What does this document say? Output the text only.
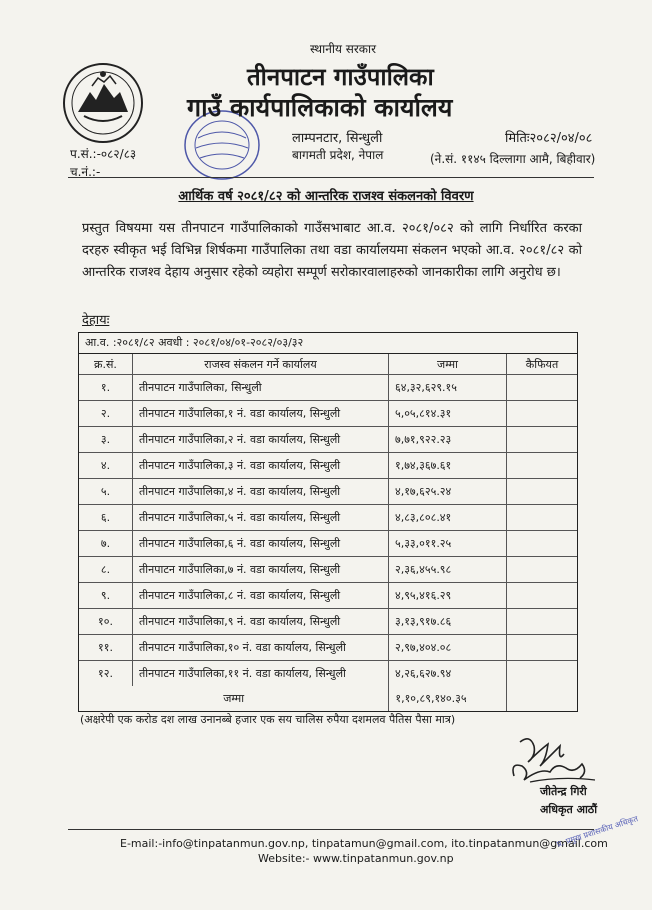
स्थानीय सरकार
तीनपाटन गाउँपालिका
गाउँ कार्यपालिकाको कार्यालय
लाम्पनटार, सिन्धुली
बागमती प्रदेश, नेपाल
मितिः२०८२/०४/०८
(ने.सं. ११४५ दिल्लागा आमै, बिहीवार)
प.सं.:-०८२/८३
च.नं.:-
आर्थिक वर्ष २०८१/८२ को आन्तरिक राजश्व संकलनको विवरण
प्रस्तुत विषयमा यस तीनपाटन गाउँपालिकाको गाउँसभाबाट आ.व. २०८१/०८२ को लागि निर्धारित करका दरहरु स्वीकृत भई विभिन्न शिर्षकमा गाउँपालिका तथा वडा कार्यालयमा संकलन भएको आ.व. २०८१/८२ को आन्तरिक राजश्व देहाय अनुसार रहेको व्यहोरा सम्पूर्ण सरोकारवालाहरुको जानकारीका लागि अनुरोध छ।
देहायः
आ.व. :२०८१/८२ अवधी : २०८१/०४/०१-२०८२/०३/३२
क्र.सं.	राजस्व संकलन गर्ने कार्यालय	जम्मा	कैफियत
१.	तीनपाटन गाउँपालिका, सिन्धुली	६४,३२,६२९.१५
२.	तीनपाटन गाउँपालिका,१ नं. वडा कार्यालय, सिन्धुली	५,०५,८१४.३१
३.	तीनपाटन गाउँपालिका,२ नं. वडा कार्यालय, सिन्धुली	७,७१,९२२.२३
४.	तीनपाटन गाउँपालिका,३ नं. वडा कार्यालय, सिन्धुली	१,७४,३६७.६१
५.	तीनपाटन गाउँपालिका,४ नं. वडा कार्यालय, सिन्धुली	४,१७,६२५.२४
६.	तीनपाटन गाउँपालिका,५ नं. वडा कार्यालय, सिन्धुली	४,८३,८०८.४१
७.	तीनपाटन गाउँपालिका,६ नं. वडा कार्यालय, सिन्धुली	५,३३,०११.२५
८.	तीनपाटन गाउँपालिका,७ नं. वडा कार्यालय, सिन्धुली	२,३६,४५५.९८
९.	तीनपाटन गाउँपालिका,८ नं. वडा कार्यालय, सिन्धुली	४,९५,४१६.२९
१०.	तीनपाटन गाउँपालिका,९ नं. वडा कार्यालय, सिन्धुली	३,१३,९१७.८६
११.	तीनपाटन गाउँपालिका,१० नं. वडा कार्यालय, सिन्धुली	२,९७,४०४.०८
१२.	तीनपाटन गाउँपालिका,११ नं. वडा कार्यालय, सिन्धुली	४,२६,६२७.९४
जम्मा	१,१०,८९,१४०.३५
(अक्षरेपी एक करोड दश लाख उनानब्बे हजार एक सय चालिस रुपैया दशमलव पैतिस पैसा मात्र)
जीतेन्द्र गिरी
अधिकृत आठौं
E-mail:-info@tinpatanmun.gov.np, tinpatamun@gmail.com, ito.tinpatanmun@gmail.com
Website:- www.tinpatanmun.gov.np
प्र. प्रमुख प्रशासकीय अधिकृत
